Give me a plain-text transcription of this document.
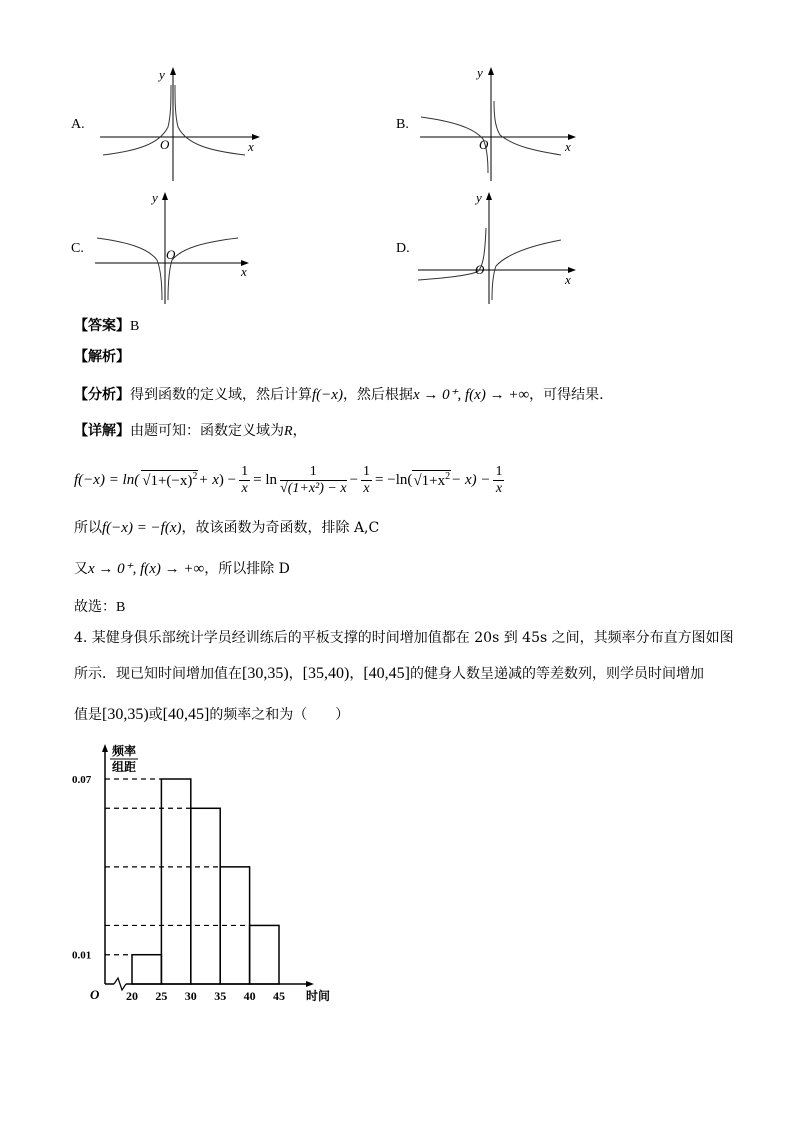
A.
y
x
O
B.
y
x
O
C.
y
x
O	D.
y
x
O
【答案】B
【解析】
【分析】得到函数的定义域，然后计算f(−x)，然后根据x → 0⁺, f(x) → +∞，可得结果.
【详解】由题可知：函数定义域为R，
f(−x) = ln( $√1+(-x)^2 + x$ ) − $\frac{1}{x} = \ln \frac{1}{\text{√(1+x²) − x}} - \frac{1}{x} = -\ln$( $√1+x^2 - x) - \frac{1}{x}$
所以f(−x) = −f(x)，故该函数为奇函数，排除 A,C
又x → 0⁺, f(x) → +∞，所以排除 D
故选：B
4. 某健身俱乐部统计学员经训练后的平板支撑的时间增加值都在 20s 到 45s 之间，其频率分布直方图如图
所示．现已知时间增加值在[30,35)，[35,40)，[40,45]的健身人数呈递减的等差数列，则学员时间增加
值是[30,35)或[40,45]的频率之和为（　　）
频率
组距
O
0.07
0.01
20 25 30 35 40 45 时间
